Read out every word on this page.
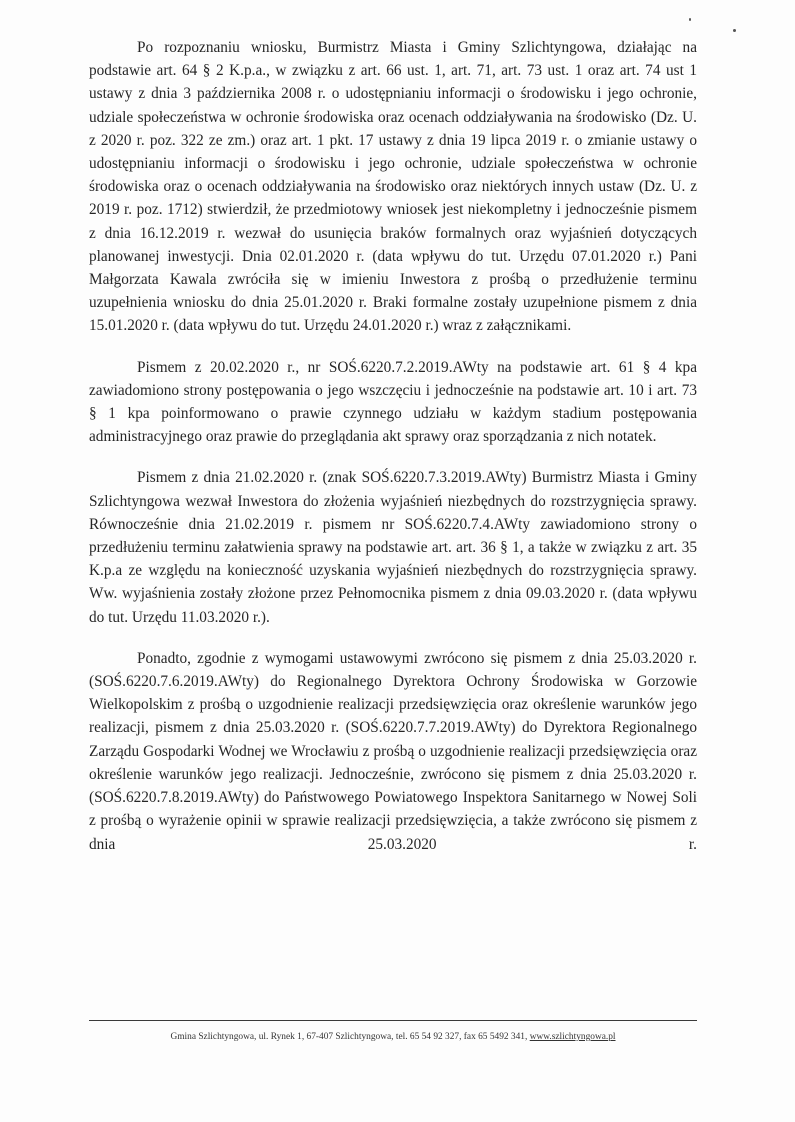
Po rozpoznaniu wniosku, Burmistrz Miasta i Gminy Szlichtyngowa, działając na podstawie art. 64 § 2 K.p.a., w związku z art. 66 ust. 1, art. 71, art. 73 ust. 1 oraz art. 74 ust 1 ustawy z dnia 3 października 2008 r. o udostępnianiu informacji o środowisku i jego ochronie, udziale społeczeństwa w ochronie środowiska oraz ocenach oddziaływania na środowisko (Dz. U. z 2020 r. poz. 322 ze zm.) oraz art. 1 pkt. 17 ustawy z dnia 19 lipca 2019 r. o zmianie ustawy o udostępnianiu informacji o środowisku i jego ochronie, udziale społeczeństwa w ochronie środowiska oraz o ocenach oddziaływania na środowisko oraz niektórych innych ustaw (Dz. U. z 2019 r. poz. 1712) stwierdził, że przedmiotowy wniosek jest niekompletny i jednocześnie pismem z dnia 16.12.2019 r. wezwał do usunięcia braków formalnych oraz wyjaśnień dotyczących planowanej inwestycji. Dnia 02.01.2020 r. (data wpływu do tut. Urzędu 07.01.2020 r.) Pani Małgorzata Kawala zwróciła się w imieniu Inwestora z prośbą o przedłużenie terminu uzupełnienia wniosku do dnia 25.01.2020 r. Braki formalne zostały uzupełnione pismem z dnia 15.01.2020 r. (data wpływu do tut. Urzędu 24.01.2020 r.) wraz z załącznikami.

Pismem z 20.02.2020 r., nr SOŚ.6220.7.2.2019.AWty na podstawie art. 61 § 4 kpa zawiadomiono strony postępowania o jego wszczęciu i jednocześnie na podstawie art. 10 i art. 73 § 1 kpa poinformowano o prawie czynnego udziału w każdym stadium postępowania administracyjnego oraz prawie do przeglądania akt sprawy oraz sporządzania z nich notatek.

Pismem z dnia 21.02.2020 r. (znak SOŚ.6220.7.3.2019.AWty) Burmistrz Miasta i Gminy Szlichtyngowa wezwał Inwestora do złożenia wyjaśnień niezbędnych do rozstrzygnięcia sprawy. Równocześnie dnia 21.02.2019 r. pismem nr SOŚ.6220.7.4.AWty zawiadomiono strony o przedłużeniu terminu załatwienia sprawy na podstawie art. art. 36 § 1, a także w związku z art. 35 K.p.a ze względu na konieczność uzyskania wyjaśnień niezbędnych do rozstrzygnięcia sprawy. Ww. wyjaśnienia zostały złożone przez Pełnomocnika pismem z dnia 09.03.2020 r. (data wpływu do tut. Urzędu 11.03.2020 r.).

Ponadto, zgodnie z wymogami ustawowymi zwrócono się pismem z dnia 25.03.2020 r. (SOŚ.6220.7.6.2019.AWty) do Regionalnego Dyrektora Ochrony Środowiska w Gorzowie Wielkopolskim z prośbą o uzgodnienie realizacji przedsięwzięcia oraz określenie warunków jego realizacji, pismem z dnia 25.03.2020 r. (SOŚ.6220.7.7.2019.AWty) do Dyrektora Regionalnego Zarządu Gospodarki Wodnej we Wrocławiu z prośbą o uzgodnienie realizacji przedsięwzięcia oraz określenie warunków jego realizacji. Jednocześnie, zwrócono się pismem z dnia 25.03.2020 r. (SOŚ.6220.7.8.2019.AWty) do Państwowego Powiatowego Inspektora Sanitarnego w Nowej Soli z prośbą o wyrażenie opinii w sprawie realizacji przedsięwzięcia, a także zwrócono się pismem z dnia 25.03.2020 r.

Gmina Szlichtyngowa, ul. Rynek 1, 67-407 Szlichtyngowa, tel. 65 54 92 327, fax 65 5492 341, www.szlichtyngowa.pl
